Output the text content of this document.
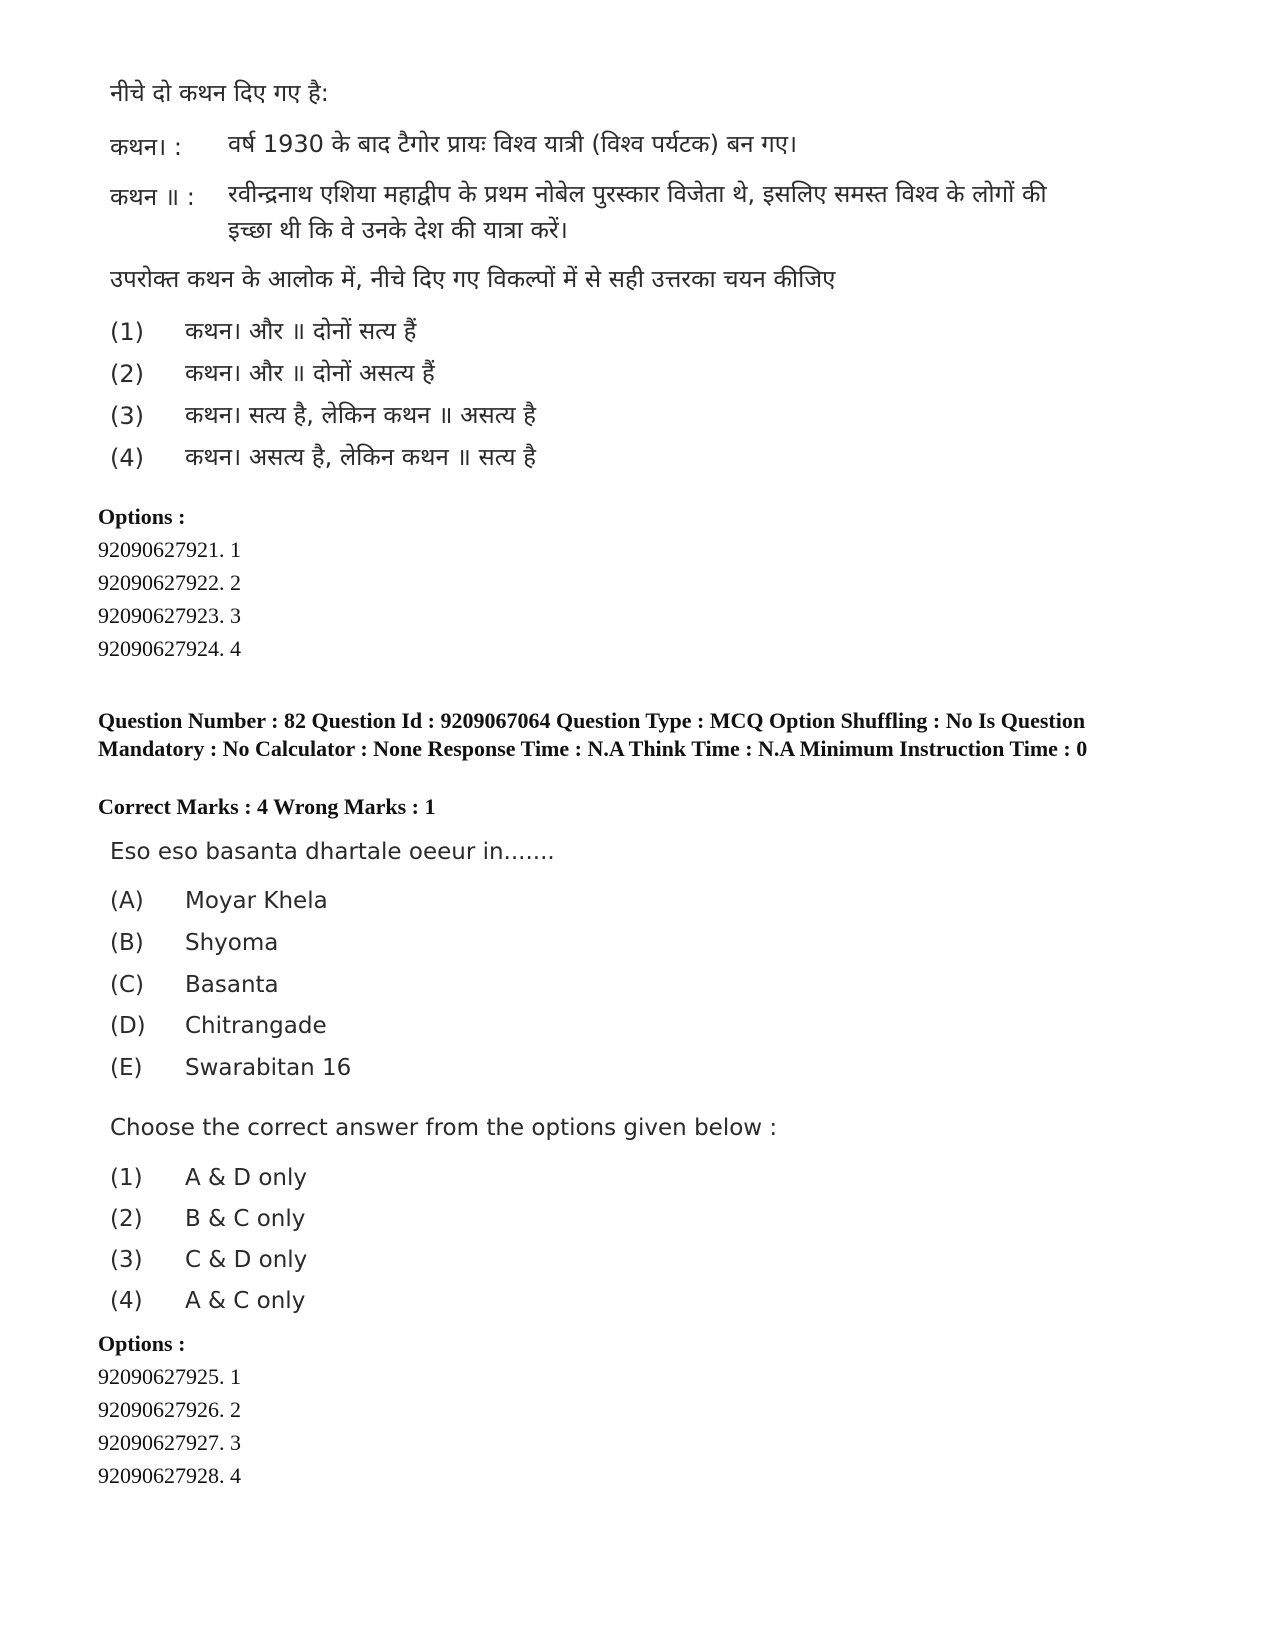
नीचे दो कथन दिए गए है:
कथन। : वर्ष 1930 के बाद टैगोर प्रायः विश्व यात्री (विश्व पर्यटक) बन गए।
कथन ॥ : रवीन्द्रनाथ एशिया महाद्वीप के प्रथम नोबेल पुरस्कार विजेता थे, इसलिए समस्त विश्व के लोगों की इच्छा थी कि वे उनके देश की यात्रा करें।
उपरोक्त कथन के आलोक में, नीचे दिए गए विकल्पों में से सही उत्तरका चयन कीजिए
(1) कथन। और ॥ दोनों सत्य हैं
(2) कथन। और ॥ दोनों असत्य हैं
(3) कथन। सत्य है, लेकिन कथन ॥ असत्य है
(4) कथन। असत्य है, लेकिन कथन ॥ सत्य है
Options :
92090627921. 1
92090627922. 2
92090627923. 3
92090627924. 4
Question Number : 82 Question Id : 9209067064 Question Type : MCQ Option Shuffling : No Is Question Mandatory : No Calculator : None Response Time : N.A Think Time : N.A Minimum Instruction Time : 0
Correct Marks : 4 Wrong Marks : 1
Eso eso basanta dhartale oeeur in.......
(A) Moyar Khela
(B) Shyoma
(C) Basanta
(D) Chitrangade
(E) Swarabitan 16
Choose the correct answer from the options given below :
(1) A & D only
(2) B & C only
(3) C & D only
(4) A & C only
Options :
92090627925. 1
92090627926. 2
92090627927. 3
92090627928. 4
